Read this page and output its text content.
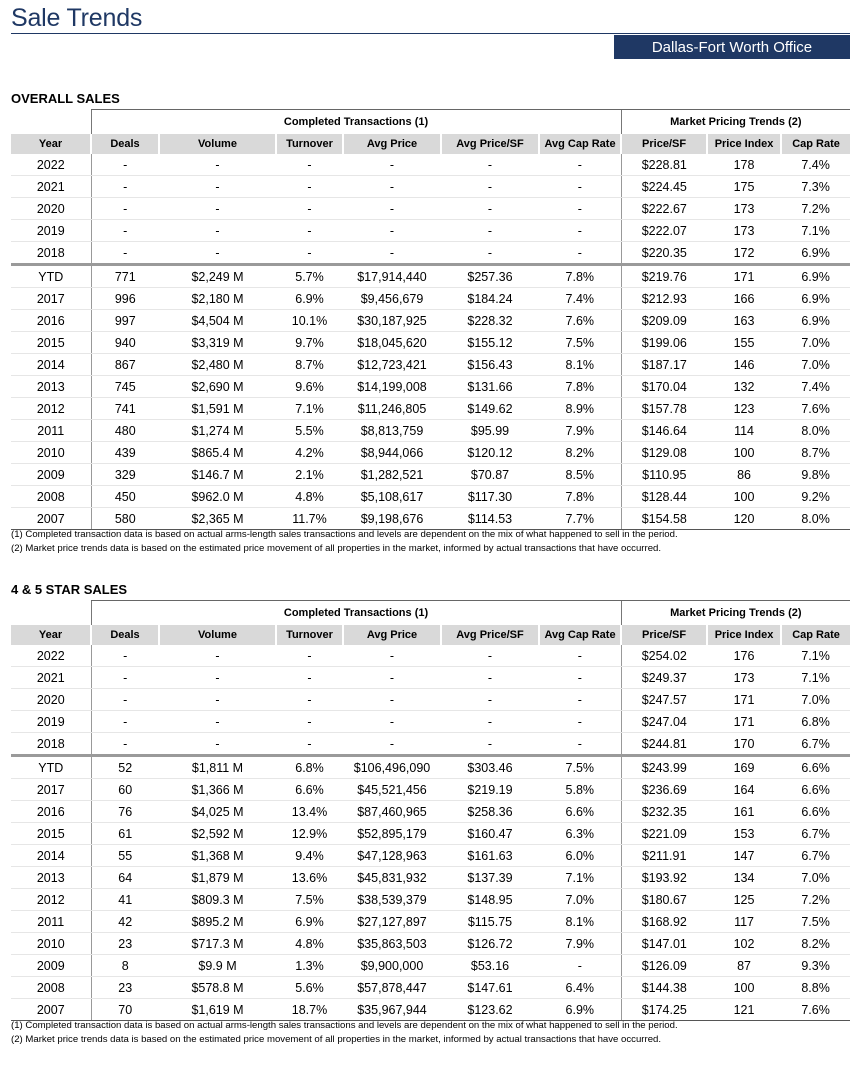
Sale Trends
Dallas-Fort Worth Office
OVERALL SALES
	Completed Transactions (1)						Market Pricing Trends (2)		
Year	Deals	Volume	Turnover	Avg Price	Avg Price/SF	Avg Cap Rate	Price/SF	Price Index	Cap Rate
2022	-	-	-	-	-	-	$228.81	178	7.4%
2021	-	-	-	-	-	-	$224.45	175	7.3%
2020	-	-	-	-	-	-	$222.67	173	7.2%
2019	-	-	-	-	-	-	$222.07	173	7.1%
2018	-	-	-	-	-	-	$220.35	172	6.9%
YTD	771	$2,249 M	5.7%	$17,914,440	$257.36	7.8%	$219.76	171	6.9%
2017	996	$2,180 M	6.9%	$9,456,679	$184.24	7.4%	$212.93	166	6.9%
2016	997	$4,504 M	10.1%	$30,187,925	$228.32	7.6%	$209.09	163	6.9%
2015	940	$3,319 M	9.7%	$18,045,620	$155.12	7.5%	$199.06	155	7.0%
2014	867	$2,480 M	8.7%	$12,723,421	$156.43	8.1%	$187.17	146	7.0%
2013	745	$2,690 M	9.6%	$14,199,008	$131.66	7.8%	$170.04	132	7.4%
2012	741	$1,591 M	7.1%	$11,246,805	$149.62	8.9%	$157.78	123	7.6%
2011	480	$1,274 M	5.5%	$8,813,759	$95.99	7.9%	$146.64	114	8.0%
2010	439	$865.4 M	4.2%	$8,944,066	$120.12	8.2%	$129.08	100	8.7%
2009	329	$146.7 M	2.1%	$1,282,521	$70.87	8.5%	$110.95	86	9.8%
2008	450	$962.0 M	4.8%	$5,108,617	$117.30	7.8%	$128.44	100	9.2%
2007	580	$2,365 M	11.7%	$9,198,676	$114.53	7.7%	$154.58	120	8.0%
(1) Completed transaction data is based on actual arms-length sales transactions and levels are dependent on the mix of what happened to sell in the period.
(2) Market price trends data is based on the estimated price movement of all properties in the market, informed by actual transactions that have occurred.
4 & 5 STAR SALES
	Completed Transactions (1)						Market Pricing Trends (2)		
Year	Deals	Volume	Turnover	Avg Price	Avg Price/SF	Avg Cap Rate	Price/SF	Price Index	Cap Rate
2022	-	-	-	-	-	-	$254.02	176	7.1%
2021	-	-	-	-	-	-	$249.37	173	7.1%
2020	-	-	-	-	-	-	$247.57	171	7.0%
2019	-	-	-	-	-	-	$247.04	171	6.8%
2018	-	-	-	-	-	-	$244.81	170	6.7%
YTD	52	$1,811 M	6.8%	$106,496,090	$303.46	7.5%	$243.99	169	6.6%
2017	60	$1,366 M	6.6%	$45,521,456	$219.19	5.8%	$236.69	164	6.6%
2016	76	$4,025 M	13.4%	$87,460,965	$258.36	6.6%	$232.35	161	6.6%
2015	61	$2,592 M	12.9%	$52,895,179	$160.47	6.3%	$221.09	153	6.7%
2014	55	$1,368 M	9.4%	$47,128,963	$161.63	6.0%	$211.91	147	6.7%
2013	64	$1,879 M	13.6%	$45,831,932	$137.39	7.1%	$193.92	134	7.0%
2012	41	$809.3 M	7.5%	$38,539,379	$148.95	7.0%	$180.67	125	7.2%
2011	42	$895.2 M	6.9%	$27,127,897	$115.75	8.1%	$168.92	117	7.5%
2010	23	$717.3 M	4.8%	$35,863,503	$126.72	7.9%	$147.01	102	8.2%
2009	8	$9.9 M	1.3%	$9,900,000	$53.16	-	$126.09	87	9.3%
2008	23	$578.8 M	5.6%	$57,878,447	$147.61	6.4%	$144.38	100	8.8%
2007	70	$1,619 M	18.7%	$35,967,944	$123.62	6.9%	$174.25	121	7.6%
(1) Completed transaction data is based on actual arms-length sales transactions and levels are dependent on the mix of what happened to sell in the period.
(2) Market price trends data is based on the estimated price movement of all properties in the market, informed by actual transactions that have occurred.
